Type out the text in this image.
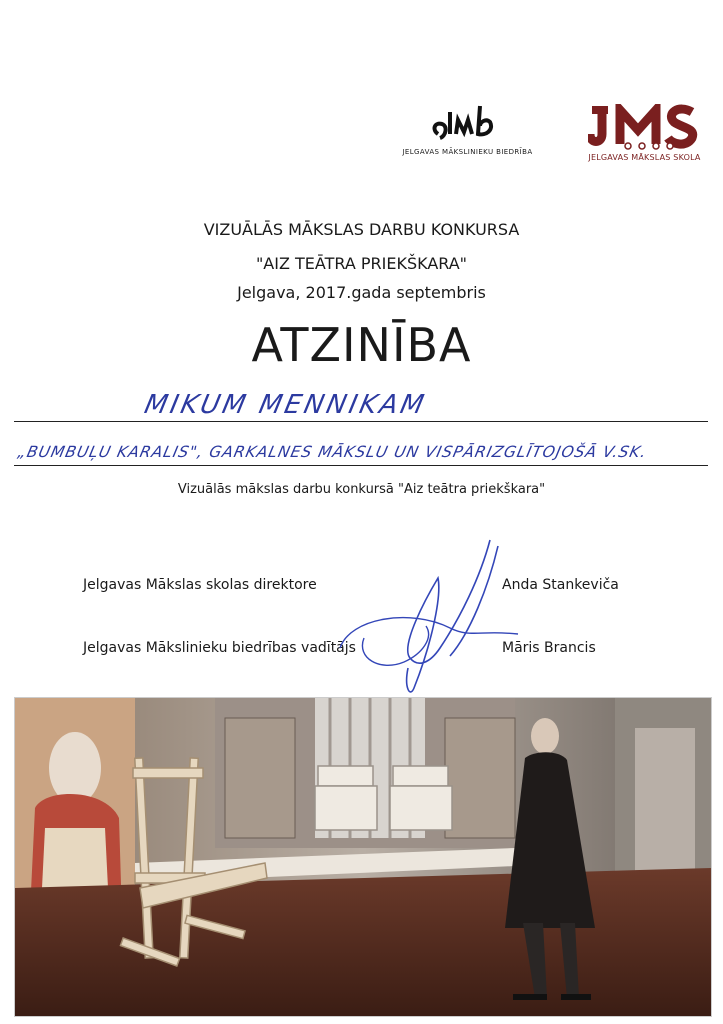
JELGAVAS MĀKSLINIEKU BIEDRĪBA
JELGAVAS MĀKSLAS SKOLA
VIZUĀLĀS MĀKSLAS DARBU KONKURSA
"AIZ TEĀTRA PRIEKŠKARA"
Jelgava, 2017.gada septembris
ATZINĪBA
MIKUM MENNIKAM
„BUMBUĻU KARALIS", GARKALNES MĀKSLU UN VISPĀRIZGLĪTOJOŠĀ V.SK.
Vizuālās mākslas darbu konkursā "Aiz teātra priekškara"
Jelgavas Mākslas skolas direktore	Anda Stankeviča
Jelgavas Mākslinieku biedrības vadītājs	Māris Brancis
